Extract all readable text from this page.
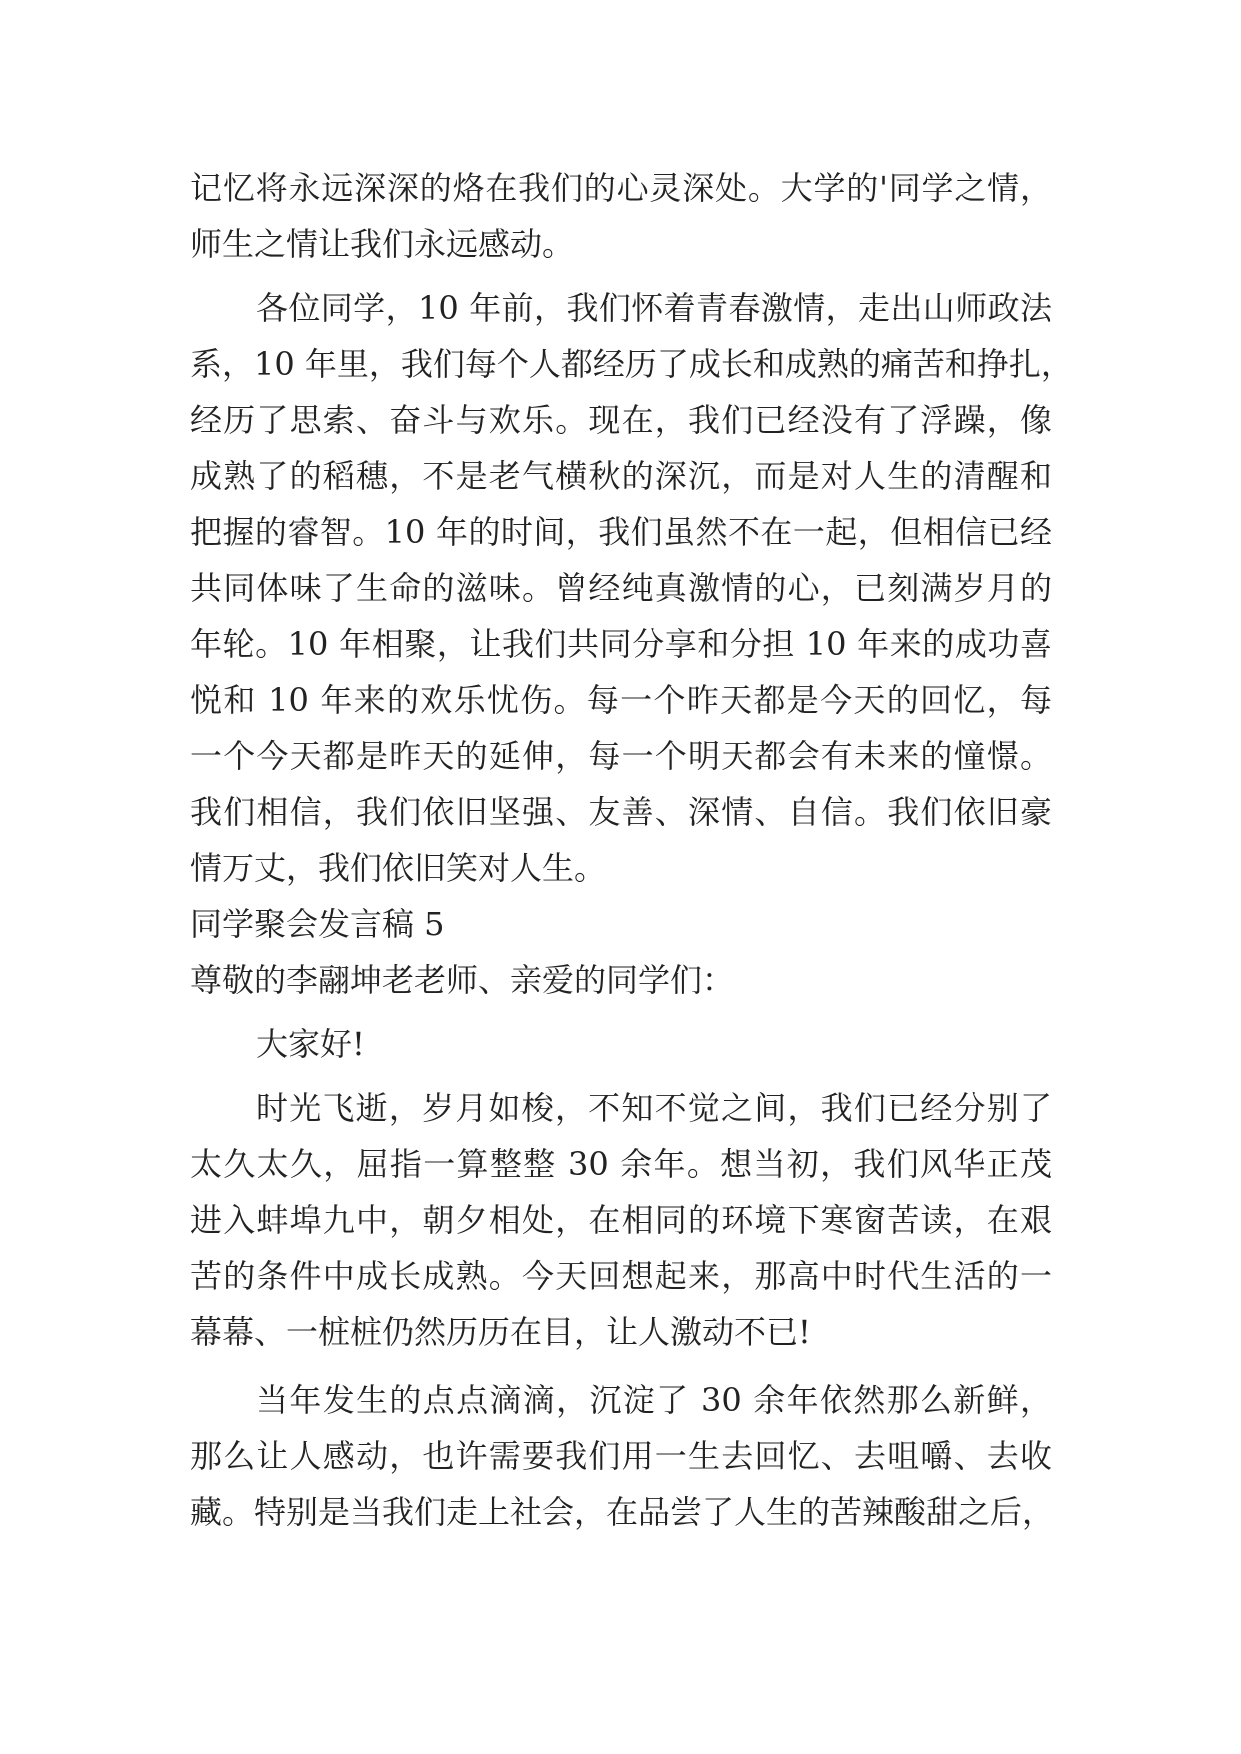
记忆将永远深深的烙在我们的心灵深处。大学的'同学之情，
师生之情让我们永远感动。
各位同学，10 年前，我们怀着青春激情，走出山师政法
系，10 年里，我们每个人都经历了成长和成熟的痛苦和挣扎，
经历了思索、奋斗与欢乐。现在，我们已经没有了浮躁，像
成熟了的稻穗，不是老气横秋的深沉，而是对人生的清醒和
把握的睿智。10 年的时间，我们虽然不在一起，但相信已经
共同体味了生命的滋味。曾经纯真激情的心，已刻满岁月的
年轮。10 年相聚，让我们共同分享和分担 10 年来的成功喜
悦和 10 年来的欢乐忧伤。每一个昨天都是今天的回忆，每
一个今天都是昨天的延伸，每一个明天都会有未来的憧憬。
我们相信，我们依旧坚强、友善、深情、自信。我们依旧豪
情万丈，我们依旧笑对人生。
同学聚会发言稿 5
尊敬的李翮坤老老师、亲爱的同学们：
大家好!
时光飞逝，岁月如梭，不知不觉之间，我们已经分别了
太久太久，屈指一算整整 30 余年。想当初，我们风华正茂
进入蚌埠九中，朝夕相处，在相同的环境下寒窗苦读，在艰
苦的条件中成长成熟。今天回想起来，那高中时代生活的一
幕幕、一桩桩仍然历历在目，让人激动不已!
当年发生的点点滴滴，沉淀了 30 余年依然那么新鲜，
那么让人感动，也许需要我们用一生去回忆、去咀嚼、去收
藏。特别是当我们走上社会，在品尝了人生的苦辣酸甜之后，
